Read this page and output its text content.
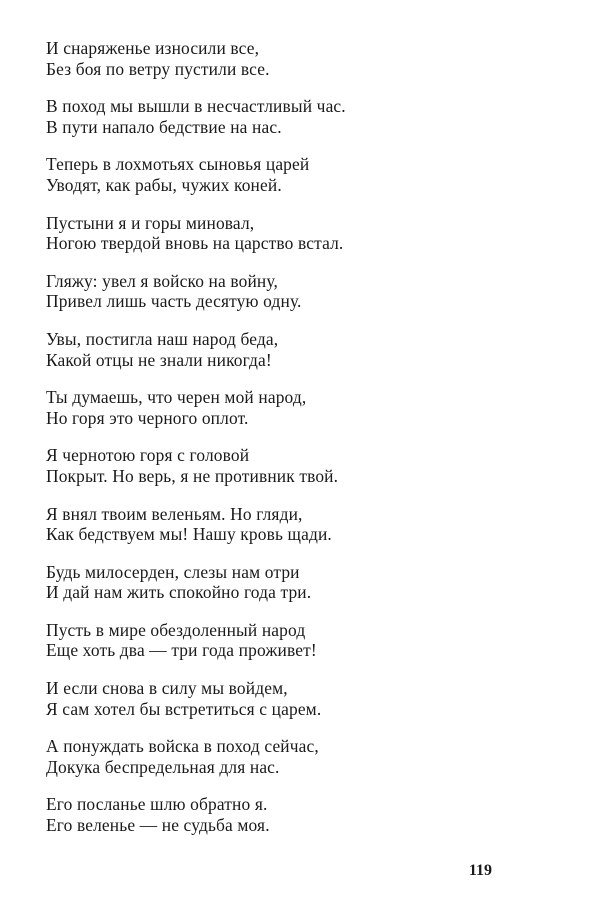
И снаряженье износили все,
Без боя по ветру пустили все.
В поход мы вышли в несчастливый час.
В пути напало бедствие на нас.
Теперь в лохмотьях сыновья царей
Уводят, как рабы, чужих коней.
Пустыни я и горы миновал,
Ногою твердой вновь на царство встал.
Гляжу: увел я войско на войну,
Привел лишь часть десятую одну.
Увы, постигла наш народ беда,
Какой отцы не знали никогда!
Ты думаешь, что черен мой народ,
Но горя это черного оплот.
Я чернотою горя с головой
Покрыт. Но верь, я не противник твой.
Я внял твоим веленьям. Но гляди,
Как бедствуем мы! Нашу кровь щади.
Будь милосерден, слезы нам отри
И дай нам жить спокойно года три.
Пусть в мире обездоленный народ
Еще хоть два — три года проживет!
И если снова в силу мы войдем,
Я сам хотел бы встретиться с царем.
А понуждать войска в поход сейчас,
Докука беспредельная для нас.
Его посланье шлю обратно я.
Его веленье — не судьба моя.
119
